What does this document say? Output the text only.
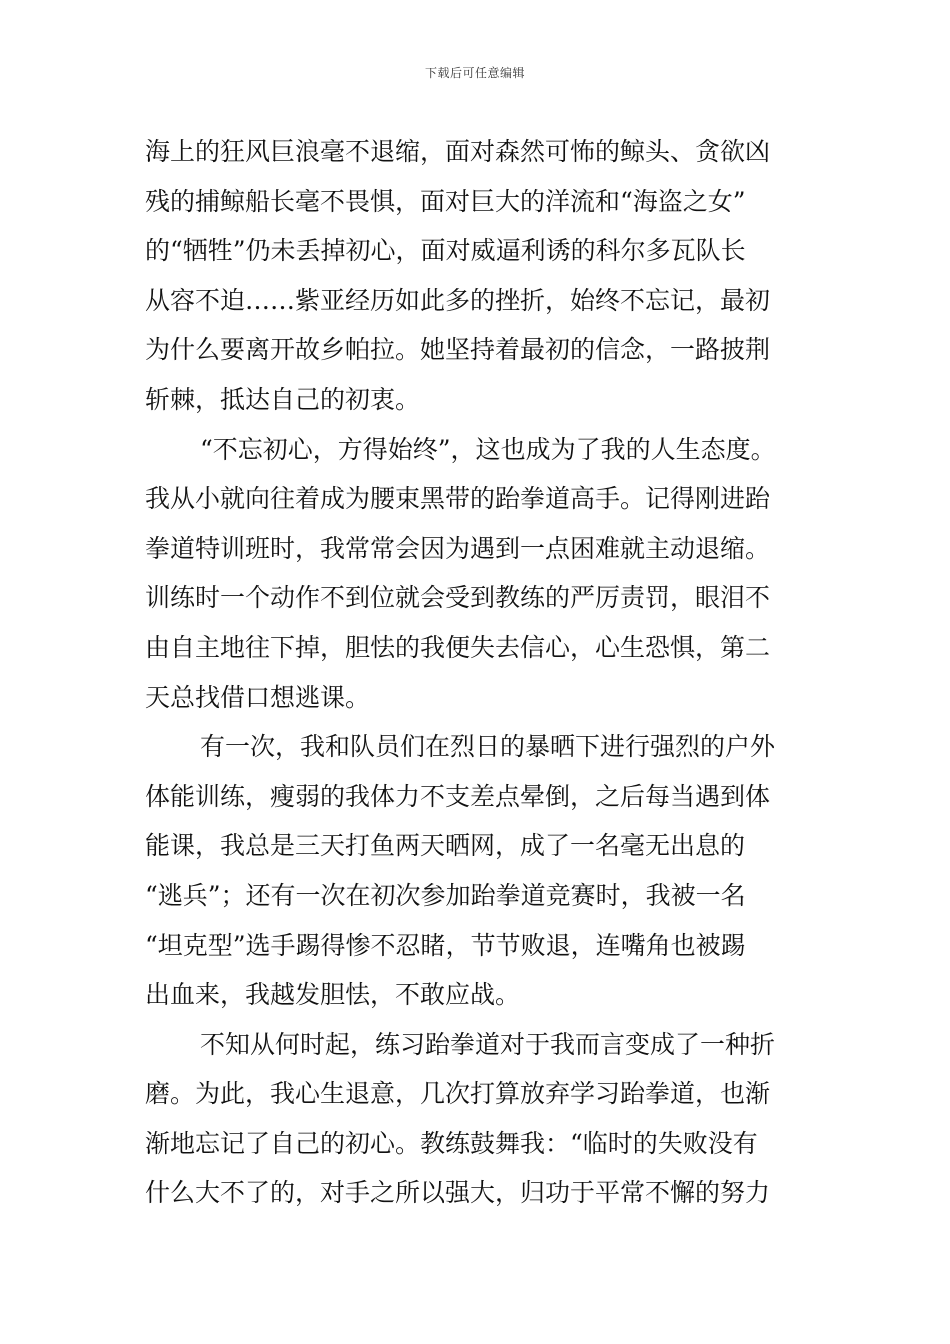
下载后可任意编辑
海上的狂风巨浪毫不退缩，面对森然可怖的鲸头、贪欲凶
残的捕鲸船长毫不畏惧，面对巨大的洋流和“海盗之女”
的“牺牲”仍未丢掉初心，面对威逼利诱的科尔多瓦队长
从容不迫……紫亚经历如此多的挫折，始终不忘记，最初
为什么要离开故乡帕拉。她坚持着最初的信念，一路披荆
斩棘，抵达自己的初衷。
“不忘初心，方得始终”，这也成为了我的人生态度。
我从小就向往着成为腰束黑带的跆拳道高手。记得刚进跆
拳道特训班时，我常常会因为遇到一点困难就主动退缩。
训练时一个动作不到位就会受到教练的严厉责罚，眼泪不
由自主地往下掉，胆怯的我便失去信心，心生恐惧，第二
天总找借口想逃课。
有一次，我和队员们在烈日的暴晒下进行强烈的户外
体能训练，瘦弱的我体力不支差点晕倒，之后每当遇到体
能课，我总是三天打鱼两天晒网，成了一名毫无出息的
“逃兵”；还有一次在初次参加跆拳道竞赛时，我被一名
“坦克型”选手踢得惨不忍睹，节节败退，连嘴角也被踢
出血来，我越发胆怯，不敢应战。
不知从何时起，练习跆拳道对于我而言变成了一种折
磨。为此，我心生退意，几次打算放弃学习跆拳道，也渐
渐地忘记了自己的初心。教练鼓舞我：“临时的失败没有
什么大不了的，对手之所以强大，归功于平常不懈的努力
